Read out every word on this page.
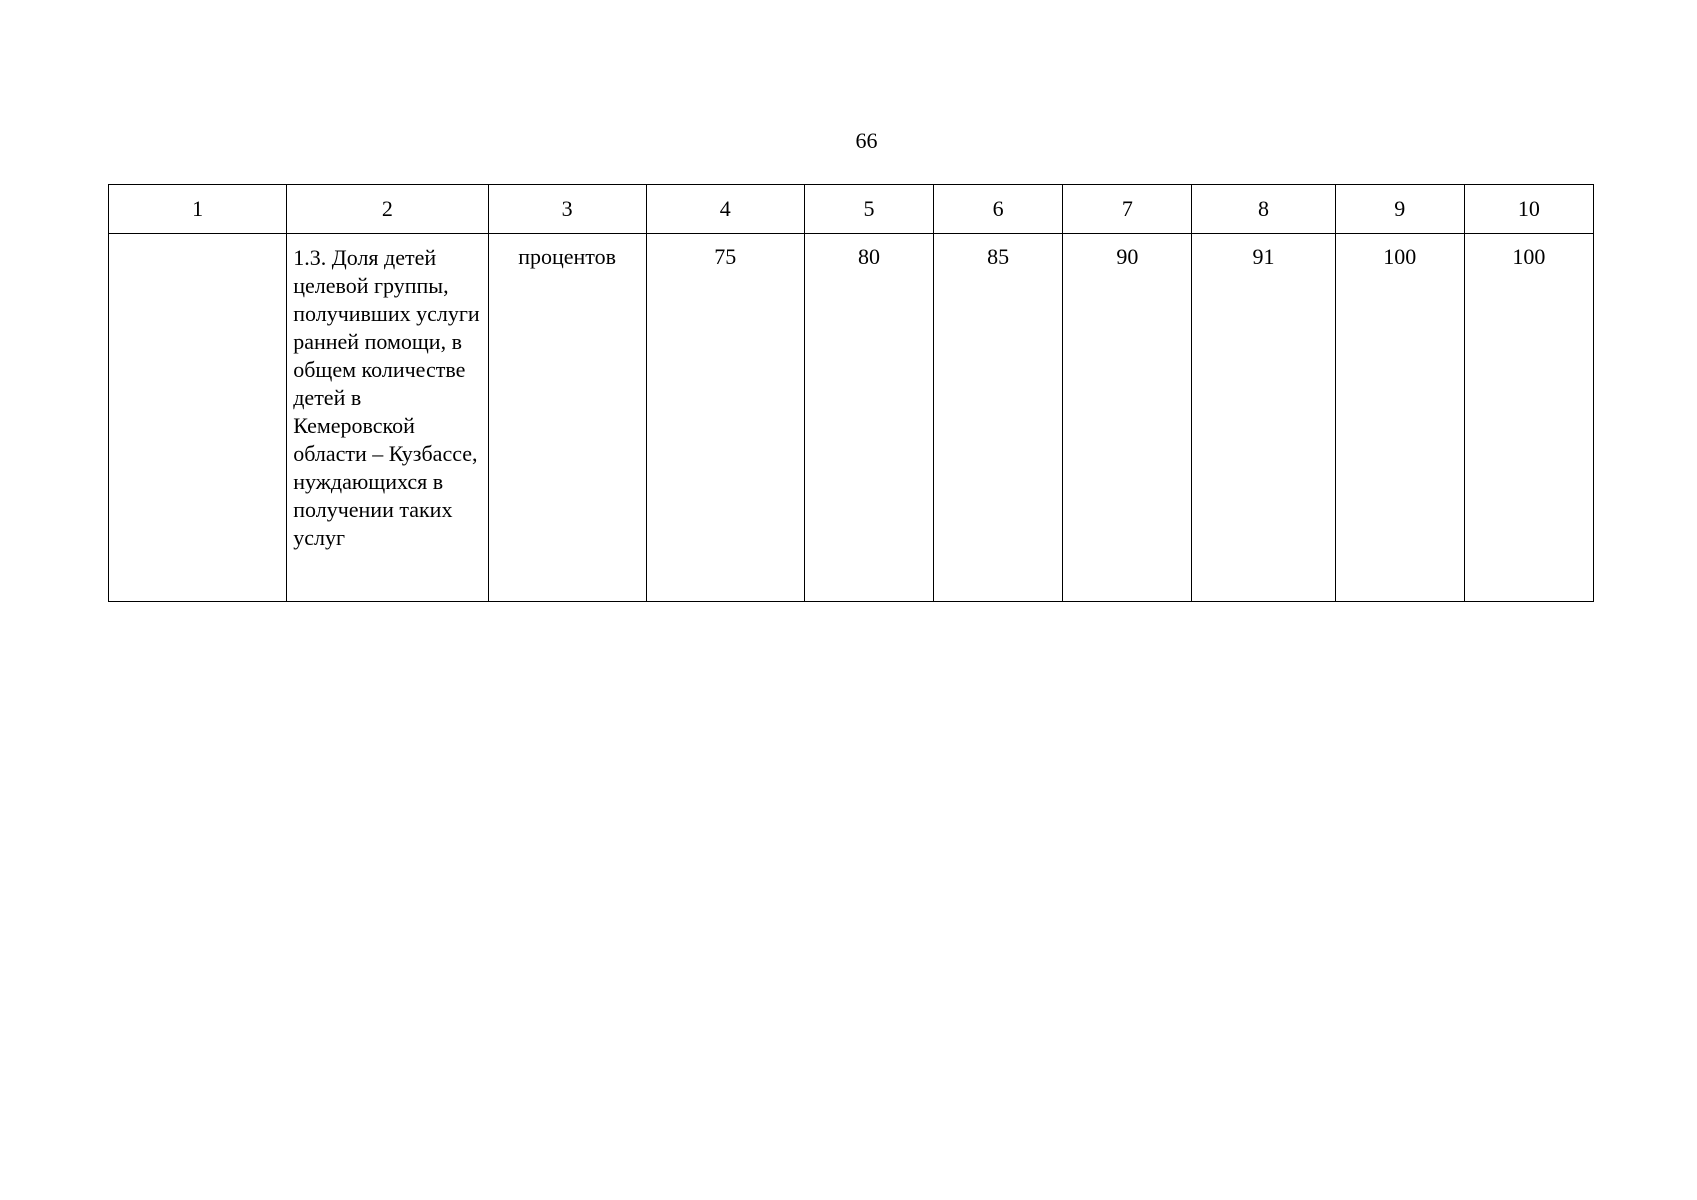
66
1	2	3	4	5	6	7	8	9	10
	1.3. Доля детей целевой группы, получивших услуги ранней помощи, в общем количестве детей в Кемеровской области – Кузбассе, нуждающихся в получении таких услуг	процентов	75	80	85	90	91	100	100
